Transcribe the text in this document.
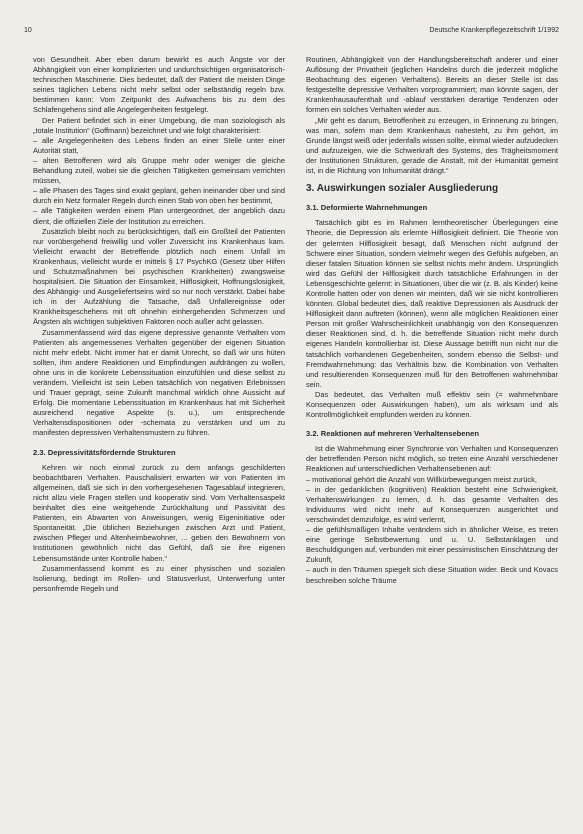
10	Deutsche Krankenpflegezeitschrift 1/1992

von Gesundheit. Aber eben darum bewirkt es auch Ängste vor der Abhängigkeit von einer komplizierten und undurchsichtigen organisatorisch-technischen Maschinerie. Dies bedeutet, daß der Patient die meisten Dinge seines täglichen Lebens nicht mehr selbst oder selbständig regeln bzw. bestimmen kann: Vom Zeitpunkt des Aufwachens bis zu dem des Schlafengehens sind alle Angelegenheiten festgelegt.

Der Patient befindet sich in einer Umgebung, die man soziologisch als „totale Institution“ (Goffmann) bezeichnet und wie folgt charakterisiert:

– alle Angelegenheiten des Lebens finden an einer Stelle unter einer Autorität statt,

– alten Betroffenen wird als Gruppe mehr oder weniger die gleiche Behandlung zuteil, wobei sie die gleichen Tätigkeiten gemeinsam verrichten müssen,

– alle Phasen des Tages sind exakt geplant, gehen ineinander über und sind durch ein Netz formaler Regeln durch einen Stab von oben her bestimmt,

– alle Tätigkeiten werden einem Plan untergeordnet, der angeblich dazu dient, die offiziellen Ziele der Institution zu erreichen.

Zusätzlich bleibt noch zu berücksichtigen, daß ein Großteil der Patienten nur vorübergehend freiwillig und voller Zuversicht ins Krankenhaus kam. Vielleicht erwacht der Betreffende plötzlich noch einem Unfall im Krankenhaus, vielleicht wurde er mittels § 17 PsychKG (Gesetz über Hilfen und Schutzmaßnahmen bei psychischen Krankheiten) zwangsweise hospitalisiert. Die Situation der Einsamkeit, Hilflosigkeit, Hoffnungslosigkeit, des Abhängig- und Ausgeliefertseins wird so nur noch verstärkt. Dabei habe ich in der Aufzählung die Tatsache, daß Unfallereignisse oder Krankheitsgeschehens mit oft ohnehin einhergehenden Schmerzen und Ängsten als wichtigen subjektiven Faktoren noch außer acht gelassen.

Zusammenfassend wird das eigene depressive genannte Verhalten vom Patienten als angemessenes Verhalten gegenüber der eigenen Situation nicht mehr erlebt. Nicht immer hat er damit Unrecht, so daß wir uns hüten sollten, ihm andere Reaktionen und Empfindungen aufdrängen zu wollen, ohne uns in die konkrete Lebenssituation einzufühlen und diese selbst zu verändern. Vielleicht ist sein Leben tatsächlich von negativen Erlebnissen und Trauer geprägt, seine Zukunft manchmal wirklich ohne Aussicht auf Erfolg. Die momentane Lebenssituation im Krankenhaus hat mit Sicherheit ausreichend negative Aspekte (s. u.), um entsprechende Verhaltensdispositionen oder -schemata zu verstärken und um zu manifesten depressiven Verhaltensmustern zu führen.

2.3. Depressivitätsfördernde Strukturen

Kehren wir noch einmal zurück zu dem anfangs geschilderten beobachtbaren Verhalten. Pauschalisiert erwarten wir von Patienten im allgemeinen, daß sie sich in den vorhergesehenen Tagesablauf integrieren, nicht allzu viele Fragen stellen und kooperativ sind. Vom Verhaltensaspekt beinhaltet dies eine weitgehende Zurückhaltung und Passivität des Patienten, ein Abwarten von Anweisungen, wenig Eigeninitiative oder Spontaneität. „Die üblichen Beziehungen zwischen Arzt und Patient, zwischen Pfleger und Altenheimbewohner, ... geben den Bewohnern von Institutionen gewöhnlich nicht das Gefühl, daß sie ihre eigenen Lebensumstände unter Kontrolle haben.“

Zusammenfassend kommt es zu einer physischen und sozialen Isolierung, bedingt im Rollen- und Statusverlust, Unterwerfung unter personfremde Regeln und

Routinen, Abhängigkeit von der Handlungsbereitschaft anderer und einer Auflösung der Privatheit (jeglichen Handelns durch die jederzeit mögliche Beobachtung des eigenen Verhaltens). Bereits an dieser Stelle ist das festgestellte depressive Verhalten vorprogrammiert; man könnte sagen, der Krankenhausaufenthalt und -ablauf verstärken derartige Tendenzen oder formen ein solches Verhalten wieder aus.

„Mir geht es darum, Betroffenheit zu erzeugen, in Erinnerung zu bringen, was man, sofern man dem Krankenhaus nahesteht, zu ihm gehört, im Grunde längst weiß oder jedenfalls wissen sollte, einmal wieder aufzudecken und aufzuzeigen, wie die Schwerkraft des Systems, des Trägheitsmoment der Institutionen Strukturen, gerade die Anstalt, mit der Humanität gemeint ist, in die Richtung von Inhumanität drängt.“

3. Auswirkungen sozialer Ausgliederung
3.1. Deformierte Wahrnehmungen

Tatsächlich gibt es im Rahmen lerntheoretischer Überlegungen eine Theorie, die Depression als erlernte Hilflosigkeit definiert. Die Theorie von der gelernten Hilflosigkeit besagt, daß Menschen nicht aufgrund der Schwere einer Situation, sondern vielmehr wegen des Gefühls aufgeben, an dieser fatalen Situation können sie selbst nichts mehr ändern. Ursprünglich wird das Gefühl der Hilflosigkeit durch tatsächliche Erfahrungen in der Lebensgeschichte gelernt: in Situationen, über die wir (z. B. als Kinder) keine Kontrolle hatten oder von denen wir meinten, daß wir sie nicht kontrollieren könnten. Global bedeutet dies, daß reaktive Depressionen als Ausdruck der Hilflosigkeit dann auftreten (können), wenn alle möglichen Reaktionen einer Person mit großer Wahrscheinlichkeit unabhängig von den Konsequenzen dieser Reaktionen sind, d. h. die betreffende Situation nicht mehr durch eigenes Handeln kontrollierbar ist. Diese Aussage betrifft nun nicht nur die tatsächlich vorhandenen Gegebenheiten, sondern ebenso die Selbst- und Fremdwahrnehmung: das Verhältnis bzw. die Kombination von Verhalten und resultierenden Konsequenzen muß für den Betroffenen wahrnehmbar sein.

Das bedeutet, das Verhalten muß effektiv sein (= wahrnehmbare Konsequenzen oder Auswirkungen haben), um als wirksam und als Kontrollmöglichkeit empfunden werden zu können.

3.2. Reaktionen auf mehreren Verhaltensebenen

Ist die Wahrnehmung einer Synchronie von Verhalten und Konsequenzen der betreffenden Person nicht möglich, so treten eine Anzahl verschiedener Reaktionen auf unterschiedlichen Verhaltensebenen auf:

– motivational gehört die Anzahl von Willkürbewegungen meist zurück,

– in der gedanklichen (kognitiven) Reaktion besteht eine Schwierigkeit, Verhaltenswirkungen zu lernen, d. h. das gesamte Verhalten des Individuums wird nicht mehr auf Konsequenzen ausgerichtet und verschwindet demzufolge, es wird verlernt,

– die gefühlsmäßigen Inhalte verändern sich in ähnlicher Weise, es treten eine geringe Selbstbewertung und u. U. Selbstanklagen und Beschuldigungen auf, verbunden mit einer pessimistischen Einschätzung der Zukunft,

– auch in den Träumen spiegelt sich diese Situation wider. Beck und Kovacs beschreiben solche Träume
